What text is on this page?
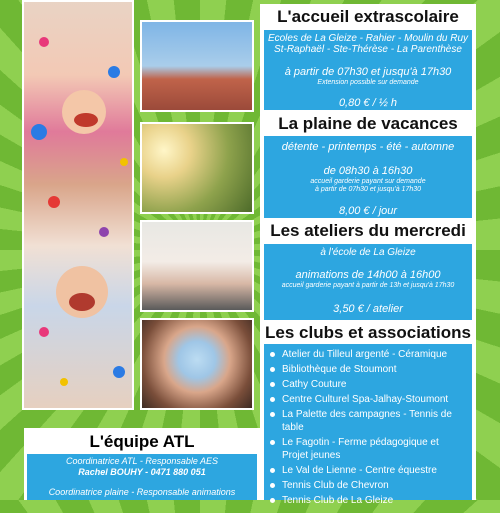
L'accueil extrascolaire
Ecoles de La Gleize - Rahier - Moulin du Ruy
St-Raphaël - Ste-Thérèse - La Parenthèse
à partir de 07h30 et jusqu'à 17h30
Extension possible sur demande
0,80 € / ½ h
La plaine de vacances
détente - printemps - été - automne
de 08h30 à 16h30
accueil garderie payant sur demande
à partir de 07h30 et jusqu'à 17h30
8,00 € / jour
Les ateliers du mercredi
à l'école de La Gleize
animations de 14h00 à 16h00
accueil garderie payant à partir de 13h et jusqu'à 17h30
3,50 € / atelier
Les clubs et associations
Atelier du Tilleul argenté - Céramique
Bibliothèque de Stoumont
Cathy Couture
Centre Culturel Spa-Jalhay-Stoumont
La Palette des campagnes - Tennis de table
Le Fagotin - Ferme pédagogique et Projet jeunes
Le Val de Lienne - Centre équestre
Tennis Club de Chevron
Tennis Club de La Gleize
L'équipe ATL
Coordinatrice ATL - Responsable AES
Rachel BOUHY - 0471 880 051
Coordinatrice plaine - Responsable animations
